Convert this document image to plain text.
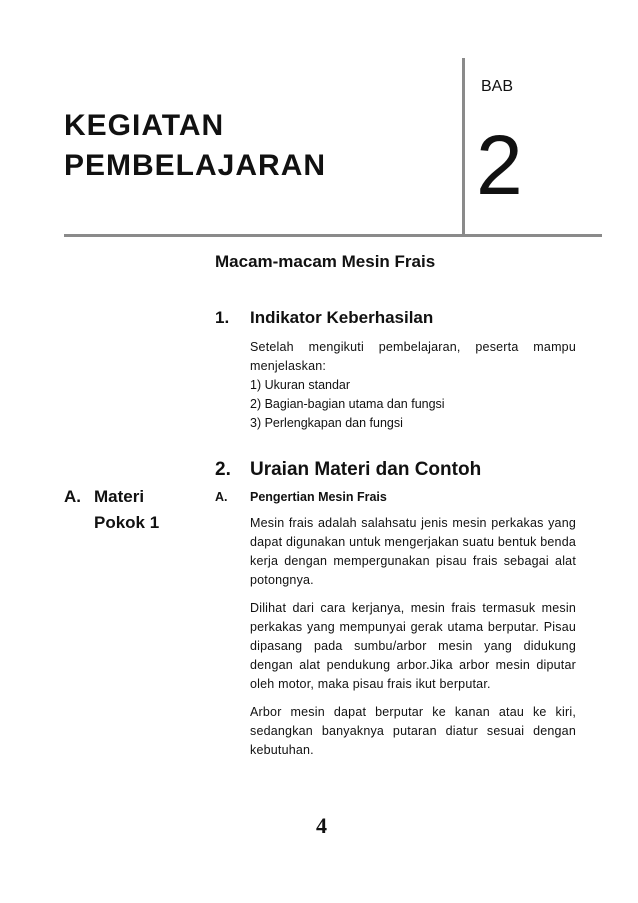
KEGIATAN
PEMBELAJARAN
BAB
2
Macam-macam Mesin Frais
1. Indikator Keberhasilan

Setelah mengikuti pembelajaran, peserta mampu menjelaskan:

1) Ukuran standar
2) Bagian-bagian utama dan fungsi
3) Perlengkapan dan fungsi
2. Uraian Materi dan Contoh
A. Materi
Pokok 1
A. Pengertian Mesin Frais

Mesin frais adalah salahsatu jenis mesin perkakas yang dapat digunakan untuk mengerjakan suatu bentuk benda kerja dengan mempergunakan pisau frais sebagai alat potongnya.

Dilihat dari cara kerjanya, mesin frais termasuk mesin perkakas yang mempunyai gerak utama berputar. Pisau dipasang pada sumbu/arbor mesin yang didukung dengan alat pendukung arbor.Jika arbor mesin diputar oleh motor, maka pisau frais ikut berputar.

Arbor mesin dapat berputar ke kanan atau ke kiri, sedangkan banyaknya putaran diatur sesuai dengan kebutuhan.

4
